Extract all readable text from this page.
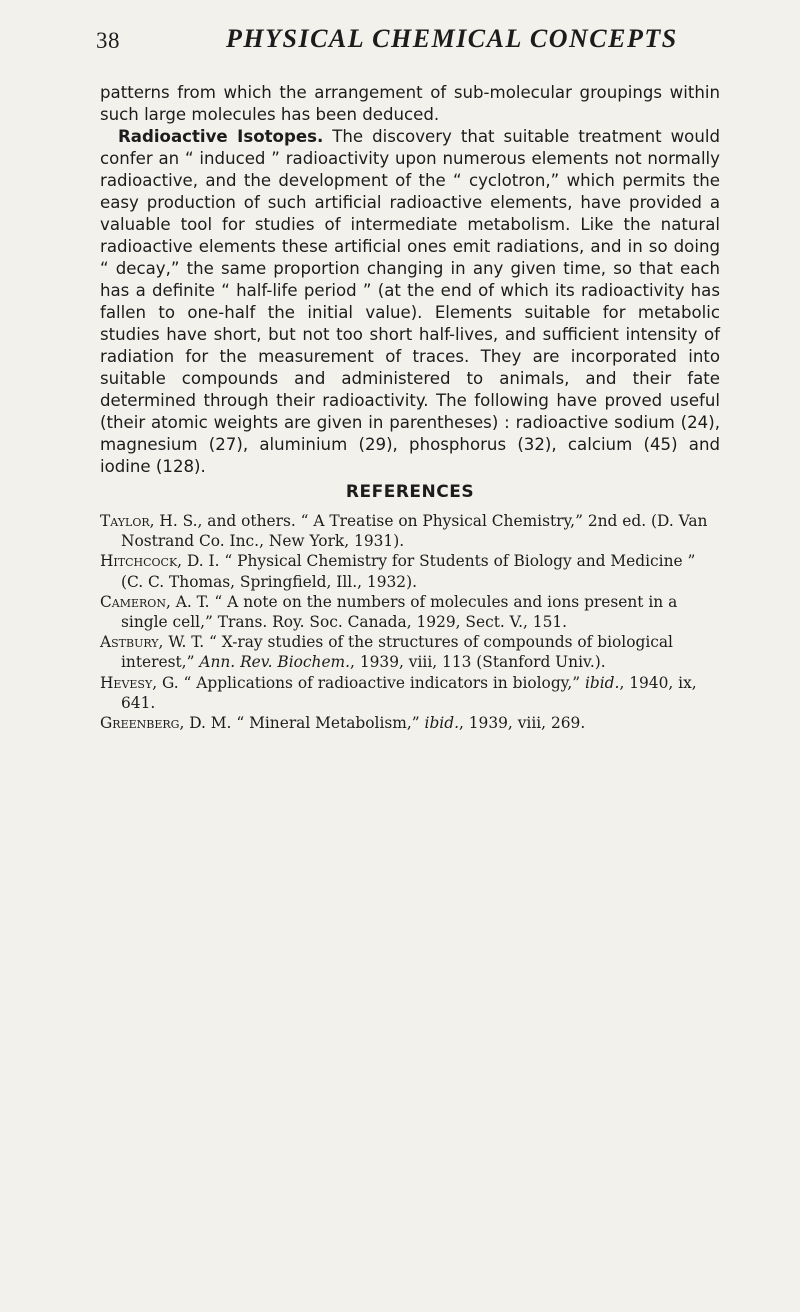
38	PHYSICAL CHEMICAL CONCEPTS

patterns from which the arrangement of sub-molecular groupings within such large molecules has been deduced.

Radioactive Isotopes. The discovery that suitable treatment would confer an “ induced ” radioactivity upon numerous elements not normally radioactive, and the development of the “ cyclotron,” which permits the easy production of such artificial radioactive elements, have provided a valuable tool for studies of intermediate metabolism. Like the natural radioactive elements these artificial ones emit radiations, and in so doing “ decay,” the same proportion changing in any given time, so that each has a definite “ half-life period ” (at the end of which its radioactivity has fallen to one-half the initial value). Elements suitable for metabolic studies have short, but not too short half-lives, and sufficient intensity of radiation for the measurement of traces. They are incorporated into suitable compounds and administered to animals, and their fate determined through their radioactivity. The following have proved useful (their atomic weights are given in parentheses) : radioactive sodium (24), magnesium (27), aluminium (29), phosphorus (32), calcium (45) and iodine (128).

REFERENCES
Taylor, H. S., and others. “ A Treatise on Physical Chemistry,” 2nd ed. (D. Van Nostrand Co. Inc., New York, 1931).
Hitchcock, D. I. “ Physical Chemistry for Students of Biology and Medicine ” (C. C. Thomas, Springfield, Ill., 1932).
Cameron, A. T. “ A note on the numbers of molecules and ions present in a single cell,” Trans. Roy. Soc. Canada, 1929, Sect. V., 151.
Astbury, W. T. “ X-ray studies of the structures of compounds of biological interest,” Ann. Rev. Biochem., 1939, viii, 113 (Stanford Univ.).
Hevesy, G. “ Applications of radioactive indicators in biology,” ibid., 1940, ix, 641.
Greenberg, D. M. “ Mineral Metabolism,” ibid., 1939, viii, 269.
